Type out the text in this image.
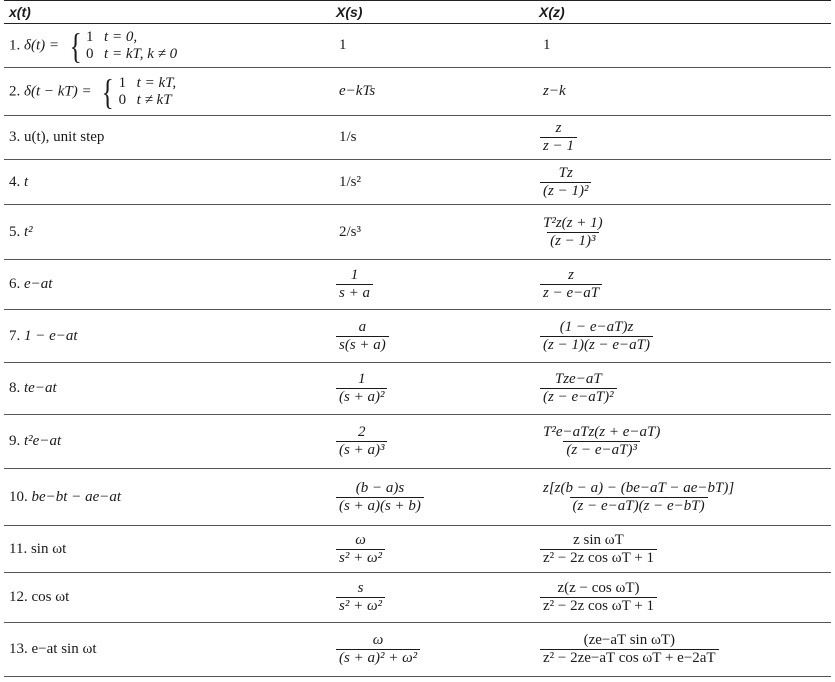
x(t)	X(s)	X(z)
1. δ(t) = { 1 t = 0,
0 t = kT, k ≠ 0	1	1
2. δ(t − kT) = { 1 t = kT,
0 t ≠ kT	e−kTs	z−k
3. u(t), unit step	1/s	$\frac{z}{z - 1}$

4. t	1/s²	$\frac{Tz}{\text{(z − 1)²}}$

5. t²	2/s³	$\frac{\text{T²z(z + 1)}}{\text{(z − 1)³}}$

6. e−at	$\frac{1}{s + a}$	$\frac{z}{z - e-aT}$

7. 1 − e−at	$\frac{a}{s(s + a)}$	$\frac{(1 - e-aT)z}{(z - 1)(z - e-aT)}$

8. te−at	$\frac{1}{\text{(s + a)²}}$	$\frac{\text{Tze−aT}}{\text{(z − e−aT)²}}$

9. t²e−at	$\frac{2}{\text{(s + a)³}}$	$\frac{\text{T²e−aTz(z + e−aT)}}{\text{(z − e−aT)³}}$

10. be−bt − ae−at	$\frac{(b - a)s}{(s + a)(s + b)}$	$\frac{z[z(b - a) - (be-aT - ae-bT)]}{(z - e-aT)(z - e-bT)}$

11. sin ωt	$\frac{\omega}{\text{s² + ω²}}$	$\frac{\text{z sin ωT}}{\text{z² − 2z cos ωT + 1}}$

12. cos ωt	$\frac{s}{\text{s² + ω²}}$	$\frac{\text{z(z − cos ωT)}}{\text{z² − 2z cos ωT + 1}}$

13. e−at sin ωt	$\frac{\omega}{\text{(s + a)² + ω²}}$	$\frac{\text{(ze−aT sin ωT)}}{\text{z² − 2ze−aT cos ωT + e−2aT}}$
